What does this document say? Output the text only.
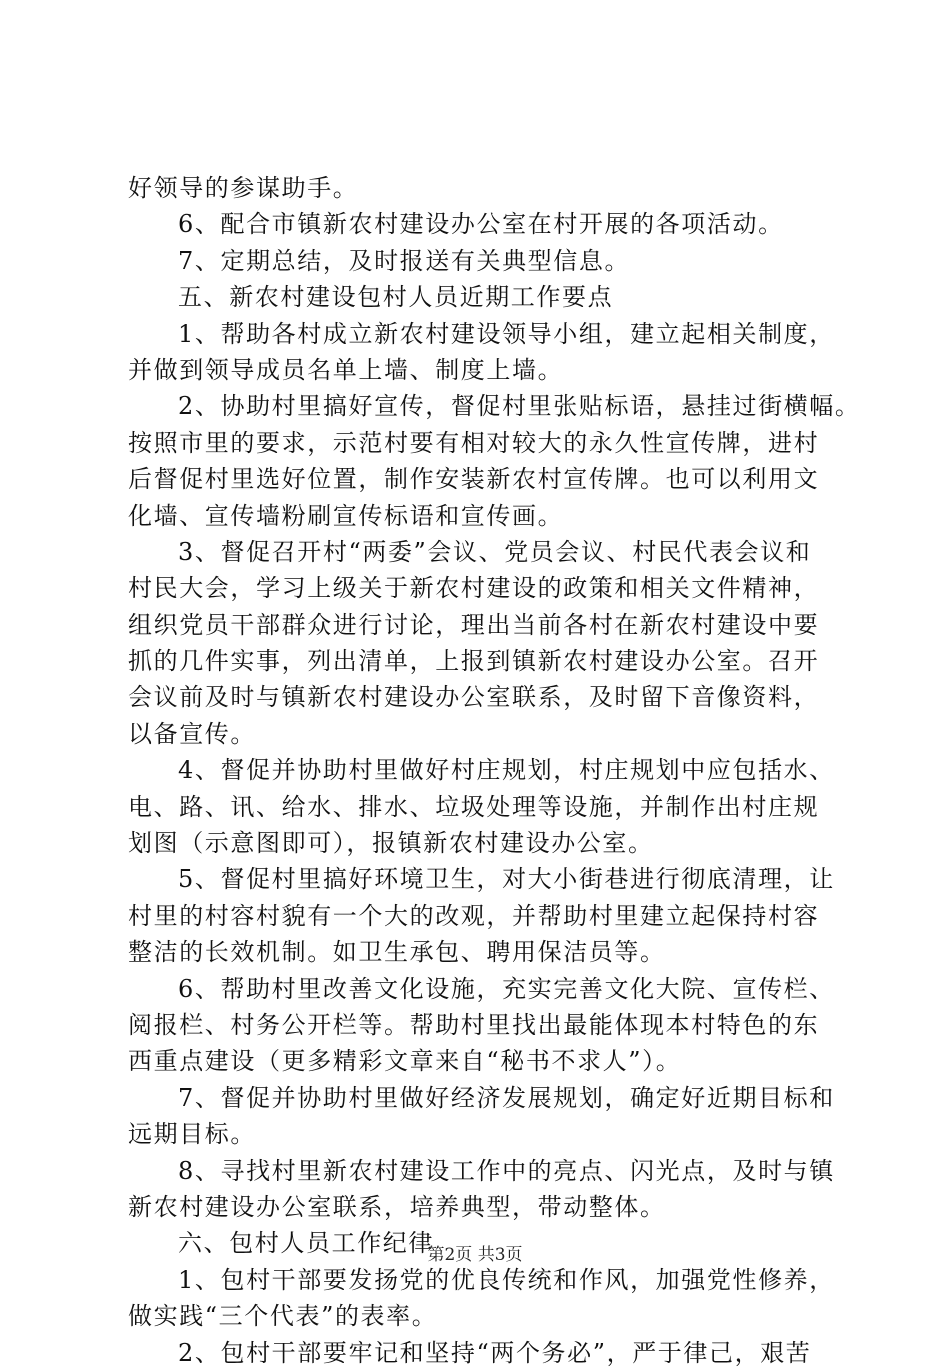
好领导的参谋助手。
6、配合市镇新农村建设办公室在村开展的各项活动。
7、定期总结，及时报送有关典型信息。
五、新农村建设包村人员近期工作要点
1、帮助各村成立新农村建设领导小组，建立起相关制度，
并做到领导成员名单上墙、制度上墙。
2、协助村里搞好宣传，督促村里张贴标语，悬挂过街横幅。
按照市里的要求，示范村要有相对较大的永久性宣传牌，进村
后督促村里选好位置，制作安装新农村宣传牌。也可以利用文
化墙、宣传墙粉刷宣传标语和宣传画。
3、督促召开村“两委”会议、党员会议、村民代表会议和
村民大会，学习上级关于新农村建设的政策和相关文件精神，
组织党员干部群众进行讨论，理出当前各村在新农村建设中要
抓的几件实事，列出清单，上报到镇新农村建设办公室。召开
会议前及时与镇新农村建设办公室联系，及时留下音像资料，
以备宣传。
4、督促并协助村里做好村庄规划，村庄规划中应包括水、
电、路、讯、给水、排水、垃圾处理等设施，并制作出村庄规
划图（示意图即可），报镇新农村建设办公室。
5、督促村里搞好环境卫生，对大小街巷进行彻底清理，让
村里的村容村貌有一个大的改观，并帮助村里建立起保持村容
整洁的长效机制。如卫生承包、聘用保洁员等。
6、帮助村里改善文化设施，充实完善文化大院、宣传栏、
阅报栏、村务公开栏等。帮助村里找出最能体现本村特色的东
西重点建设（更多精彩文章来自“秘书不求人”）。
7、督促并协助村里做好经济发展规划，确定好近期目标和
远期目标。
8、寻找村里新农村建设工作中的亮点、闪光点，及时与镇
新农村建设办公室联系，培养典型，带动整体。
六、包村人员工作纪律
1、包村干部要发扬党的优良传统和作风，加强党性修养，
做实践“三个代表”的表率。
2、包村干部要牢记和坚持“两个务必”，严于律己，艰苦
第2页 共3页
